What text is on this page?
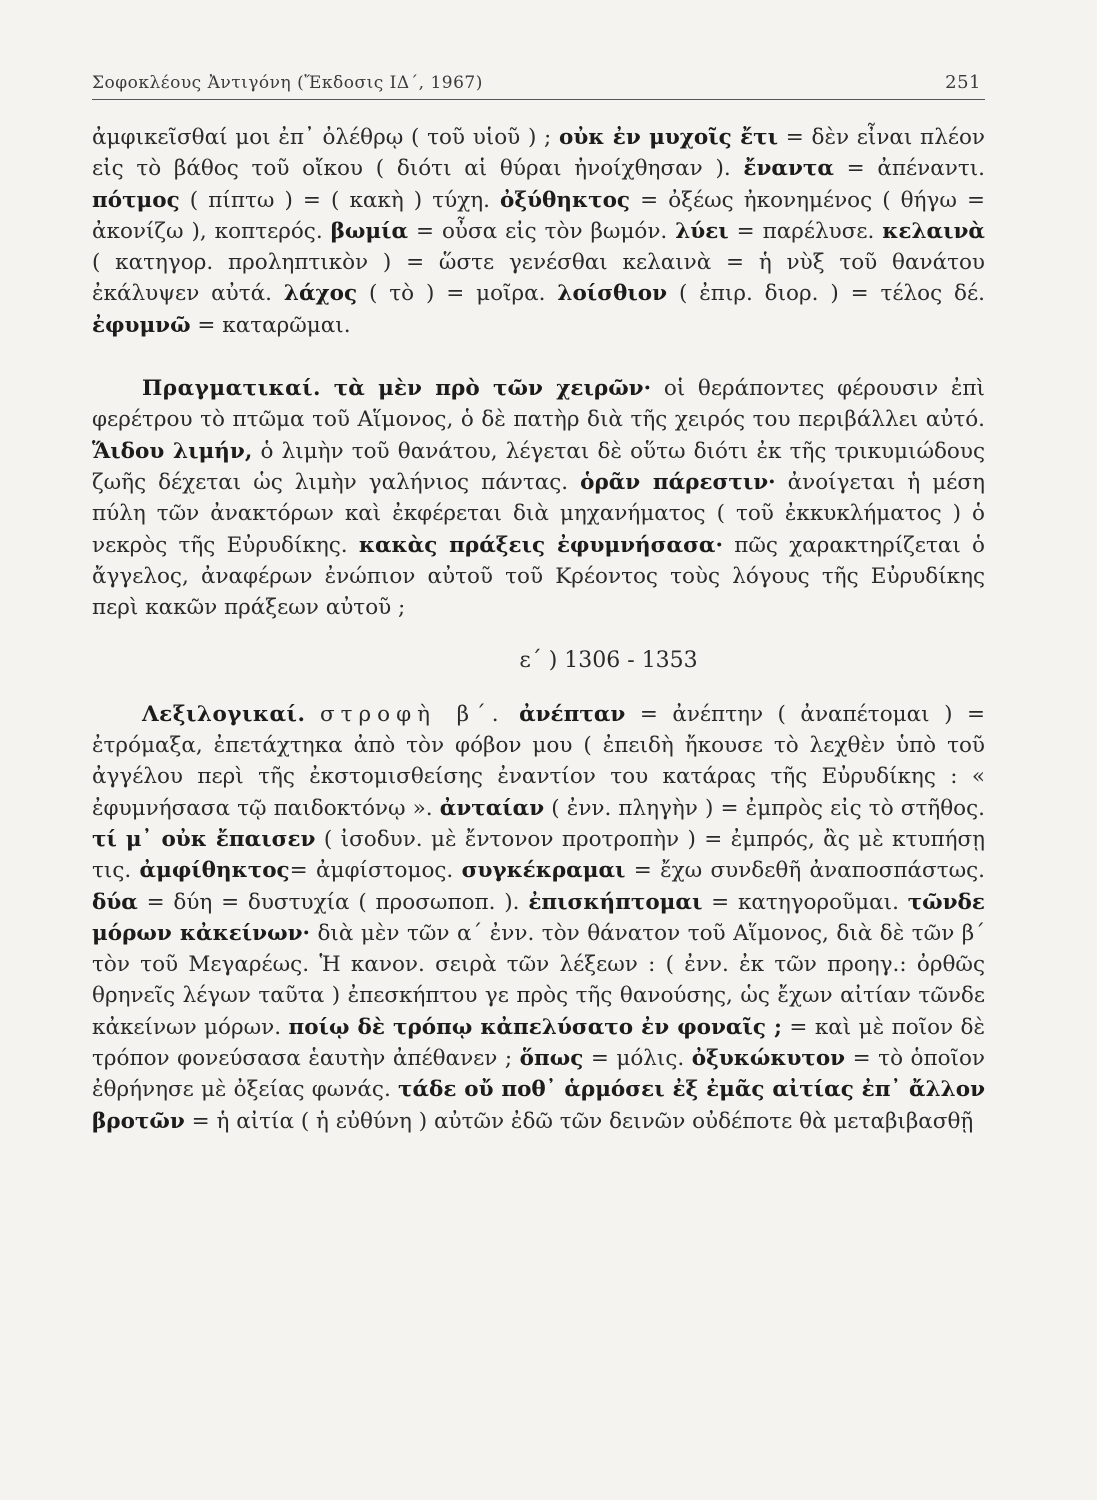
Σοφοκλέους Ἀντιγόνη (Ἔκδοσις ΙΔ΄, 1967)	251

ἀμφικεῖσθαί μοι ἐπ᾽ ὀλέθρῳ ( τοῦ υἱοῦ ) ; οὐκ ἐν μυχοῖς ἔτι = δὲν εἶναι πλέον εἰς τὸ βάθος τοῦ οἴκου ( διότι αἱ θύραι ἠνοίχθησαν ). ἔναντα = ἀπέναντι. πότμος ( πίπτω ) = ( κακὴ ) τύχη. ὀξύθηκτος = ὀξέως ἠκονημένος ( θήγω = ἀκονίζω ), κοπτερός. βωμία = οὖσα εἰς τὸν βωμόν. λύει = παρέλυσε. κελαινὰ ( κατηγορ. προληπτικὸν ) = ὥστε γενέσθαι κελαινὰ = ἡ νὺξ τοῦ θανάτου ἐκάλυψεν αὐτά. λάχος ( τὸ ) = μοῖρα. λοίσθιον ( ἐπιρ. διορ. ) = τέλος δέ. ἐφυμνῶ = καταρῶμαι.

Πραγματικαί. τὰ μὲν πρὸ τῶν χειρῶν· οἱ θεράποντες φέρουσιν ἐπὶ φερέτρου τὸ πτῶμα τοῦ Αἵμονος, ὁ δὲ πατὴρ διὰ τῆς χειρός του περιβάλλει αὐτό. Ἅιδου λιμήν, ὁ λιμὴν τοῦ θανάτου, λέγεται δὲ οὕτω διότι ἐκ τῆς τρικυμιώδους ζωῆς δέχεται ὡς λιμὴν γαλήνιος πάντας. ὁρᾶν πάρεστιν· ἀνοίγεται ἡ μέση πύλη τῶν ἀνακτόρων καὶ ἐκφέρεται διὰ μηχανήματος ( τοῦ ἐκκυκλήματος ) ὁ νεκρὸς τῆς Εὐρυδίκης. κακὰς πράξεις ἐφυμνήσασα· πῶς χαρακτηρίζεται ὁ ἄγγελος, ἀναφέρων ἐνώπιον αὐτοῦ τοῦ Κρέοντος τοὺς λόγους τῆς Εὐρυδίκης περὶ κακῶν πράξεων αὐτοῦ ;

ε΄ ) 1306 - 1353

Λεξιλογικαί. στροφὴ β΄. ἀνέπταν = ἀνέπτην ( ἀναπέτομαι ) = ἐτρόμαξα, ἐπετάχτηκα ἀπὸ τὸν φόβον μου ( ἐπειδὴ ἤκουσε τὸ λεχθὲν ὑπὸ τοῦ ἀγγέλου περὶ τῆς ἐκστομισθείσης ἐναντίον του κατάρας τῆς Εὐρυδίκης : « ἐφυμνήσασα τῷ παιδοκτόνῳ ». ἀνταίαν ( ἐνν. πληγὴν ) = ἐμπρὸς εἰς τὸ στῆθος. τί μ᾽ οὐκ ἔπαισεν ( ἰσοδυν. μὲ ἔντονον προτροπὴν ) = ἐμπρός, ἂς μὲ κτυπήσῃ τις. ἀμφίθηκτος= ἀμφίστομος. συγκέκραμαι = ἔχω συνδεθῆ ἀναποσπάστως. δύα = δύη = δυστυχία ( προσωποπ. ). ἐπισκήπτομαι = κατηγοροῦμαι. τῶνδε μόρων κἀκείνων· διὰ μὲν τῶν α΄ ἐνν. τὸν θάνατον τοῦ Αἵμονος, διὰ δὲ τῶν β΄ τὸν τοῦ Μεγαρέως. Ἡ κανον. σειρὰ τῶν λέξεων : ( ἐνν. ἐκ τῶν προηγ.: ὀρθῶς θρηνεῖς λέγων ταῦτα ) ἐπεσκήπτου γε πρὸς τῆς θανούσης, ὡς ἔχων αἰτίαν τῶνδε κἀκείνων μόρων. ποίῳ δὲ τρόπῳ κἀπελύσατο ἐν φοναῖς ; = καὶ μὲ ποῖον δὲ τρόπον φονεύσασα ἑαυτὴν ἀπέθανεν ; ὅπως = μόλις. ὀξυκώκυτον = τὸ ὁποῖον ἐθρήνησε μὲ ὀξείας φωνάς. τάδε οὔ ποθ᾽ ἁρμόσει ἐξ ἐμᾶς αἰτίας ἐπ᾽ ἄλλον βροτῶν = ἡ αἰτία ( ἡ εὐθύνη ) αὐτῶν ἐδῶ τῶν δεινῶν οὐδέποτε θὰ μεταβιβασθῇ
